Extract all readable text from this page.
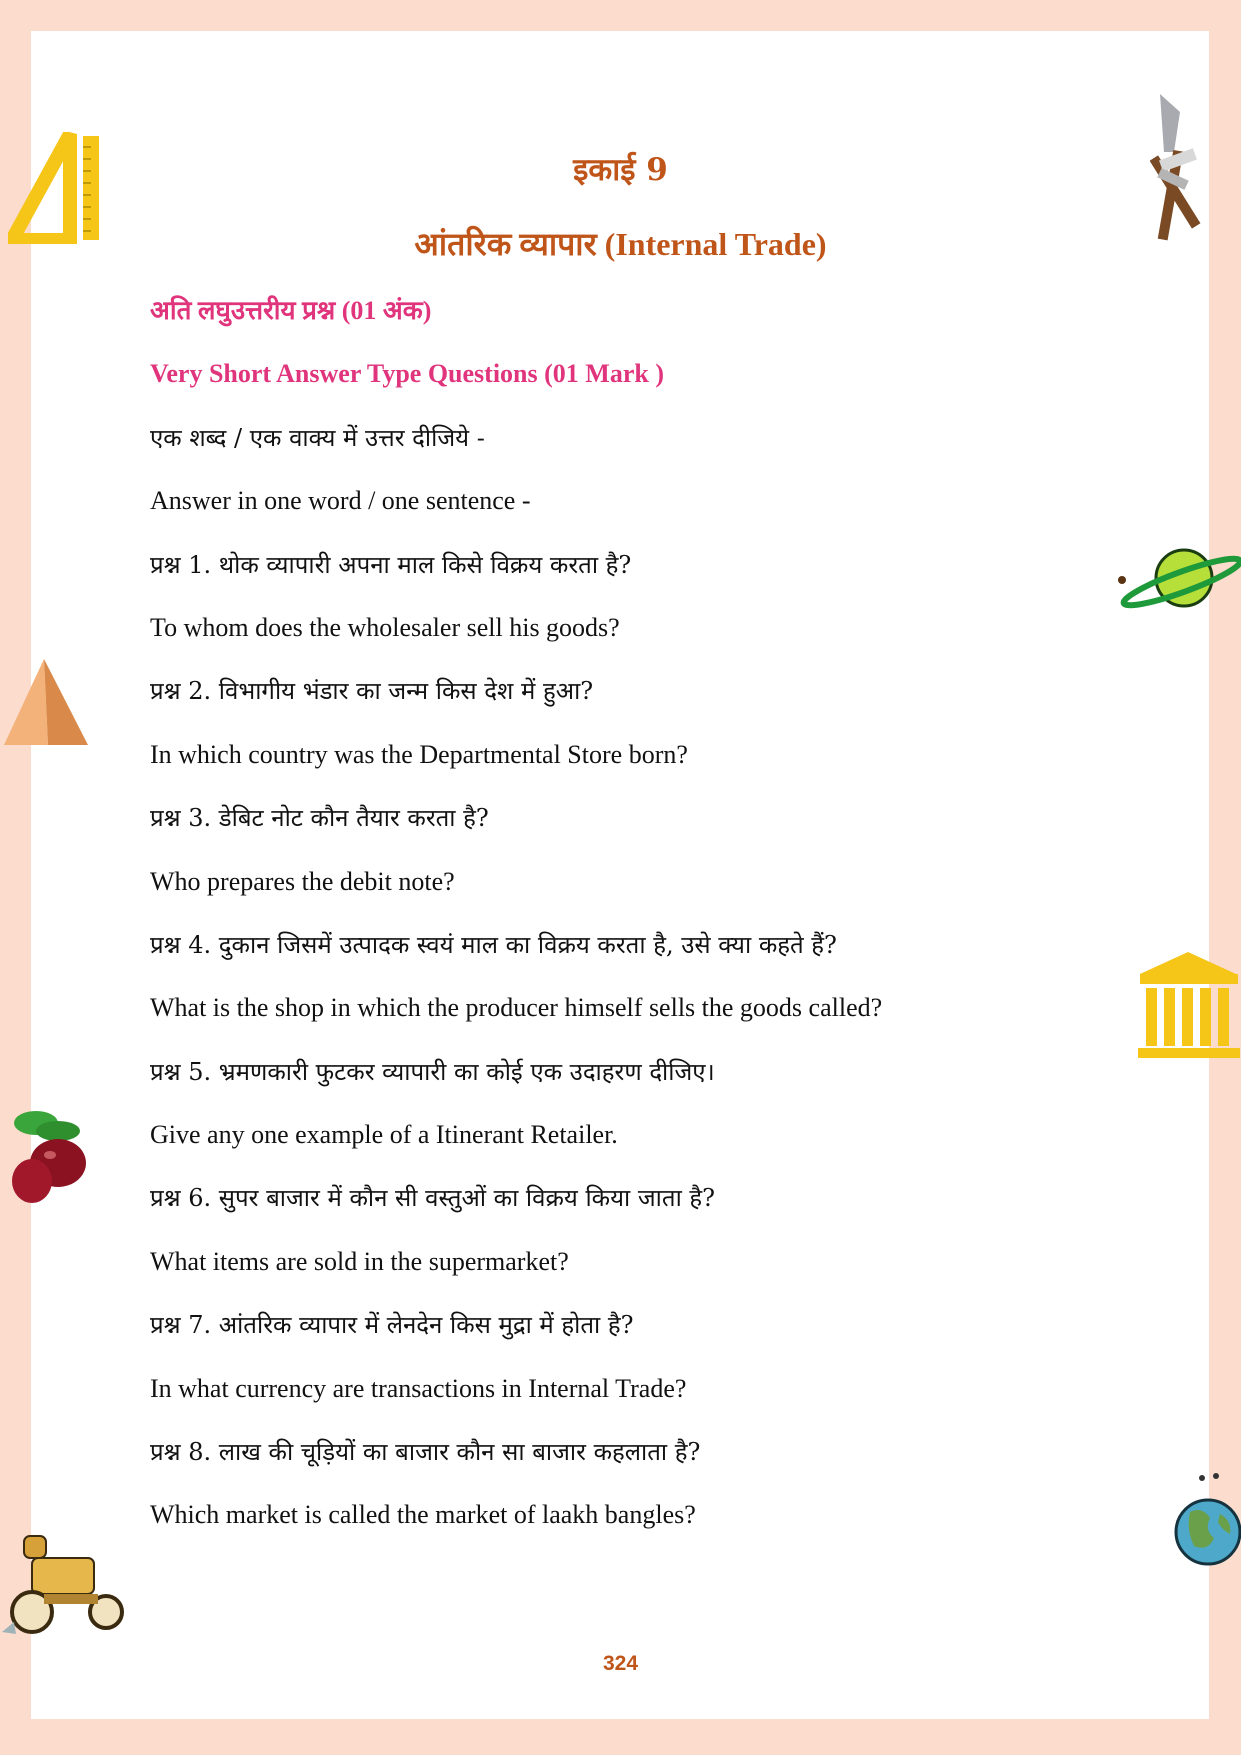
इकाई 9
आंतरिक व्यापार (Internal Trade)
अति लघुउत्तरीय प्रश्न (01 अंक)
Very Short Answer Type Questions (01 Mark )
एक शब्द / एक वाक्य में उत्तर दीजिये -
Answer in one word / one sentence -
प्रश्न 1. थोक व्यापारी अपना माल किसे विक्रय करता है?
To whom does the wholesaler sell his goods?
प्रश्न 2. विभागीय भंडार का जन्म किस देश में हुआ?
In which country was the Departmental Store born?
प्रश्न 3. डेबिट नोट कौन तैयार करता है?
Who prepares the debit note?
प्रश्न 4. दुकान जिसमें उत्पादक स्वयं माल का विक्रय करता है, उसे क्या कहते हैं?
What is the shop in which the producer himself sells the goods called?
प्रश्न 5. भ्रमणकारी फुटकर व्यापारी का कोई एक उदाहरण दीजिए।
Give any one example of a Itinerant Retailer.
प्रश्न 6. सुपर बाजार में कौन सी वस्तुओं का विक्रय किया जाता है?
What items are sold in the supermarket?
प्रश्न 7. आंतरिक व्यापार में लेनदेन किस मुद्रा में होता है?
In what currency are transactions in Internal Trade?
प्रश्न 8. लाख की चूड़ियों का बाजार कौन सा बाजार कहलाता है?
Which market is called the market of laakh bangles?
324
